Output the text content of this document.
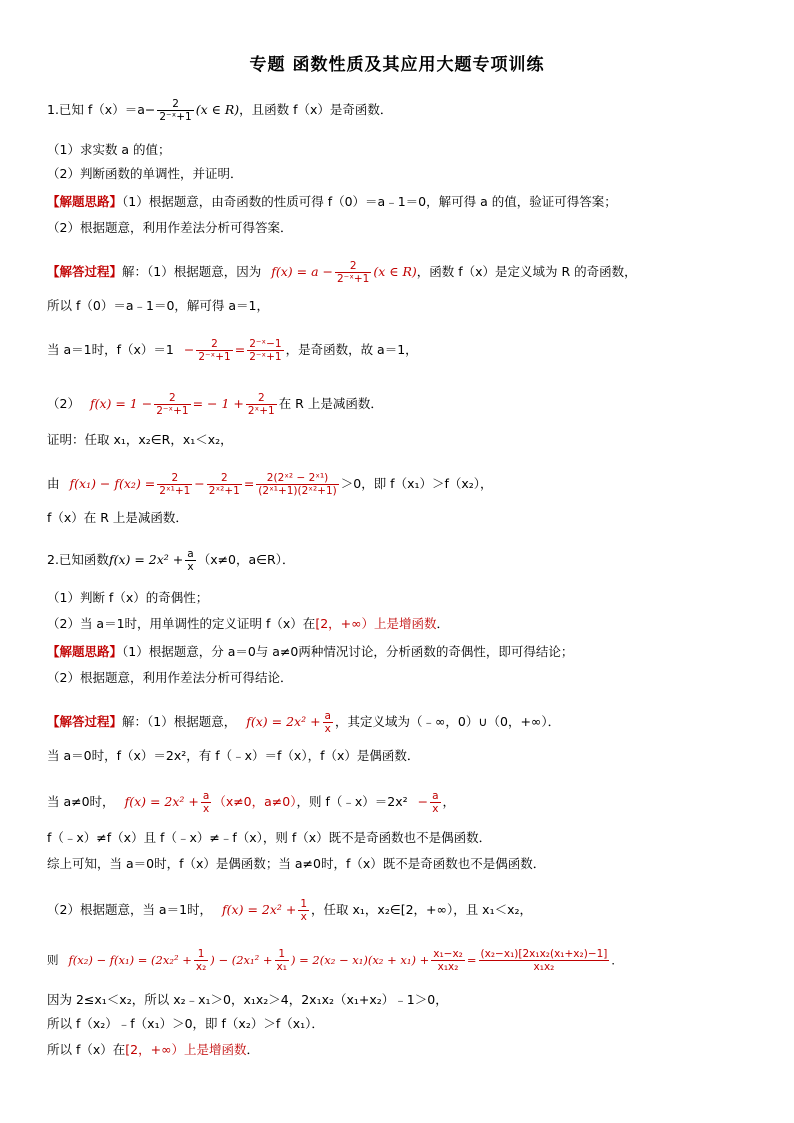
专题 函数性质及其应用大题专项训练
1.已知 $f(x)=a- \frac{2}{\text{2⁻ˣ+1}} (x$ ∈ R)，且函数 f（x）是奇函数．
（1）求实数 a 的值；
（2）判断函数的单调性，并证明．
【解题思路】（1）根据题意，由奇函数的性质可得 f（0）＝a﹣1＝0，解可得 a 的值，验证可得答案；
（2）根据题意，利用作差法分析可得答案．
【解答过程】解：（1）根据题意，因为 $f(x) = a - \frac{2}{\text{2⁻ˣ+1}} (x$ ∈ R)，函数 f（x）是定义域为 R 的奇函数，
所以 f（0）＝a﹣1＝0，解可得 a＝1，
当 a＝1时，$f(x)=1 - \frac{2}{\text{2⁻ˣ+1}} = \frac{\text{2⁻ˣ−1}}{\text{2⁻ˣ+1}}$ ，是奇函数，故 a＝1，
（2） $f(x) = 1 - \frac{2}{\text{2⁻ˣ+1}}$ = − $1 + \frac{2}{\text{2ˣ+1}}$ 在 R 上是减函数．
证明：任取 x₁，x₂∈R，x₁＜x₂，
由 $f(x_1) - f(x_2) = \frac{2}{\text{2ˣ¹+1}} - \frac{2}{\text{2ˣ²+1}} = \frac{\text{2(2ˣ² − 2ˣ¹)}}{\text{(2ˣ¹+1)(2ˣ²+1)}} >0$，即 f（x₁）＞f（x₂），
f（x）在 R 上是减函数．
2.已知函数$f(x) = 2x^2 + \frac{a}{x} (x\ne 0$，a∈R）．
（1）判断 f（x）的奇偶性；
（2）当 a＝1时，用单调性的定义证明 f（x）在[2，+∞）上是增函数．
【解题思路】（1）根据题意，分 a＝0与 a≠0两种情况讨论，分析函数的奇偶性，即可得结论；
（2）根据题意，利用作差法分析可得结论．
【解答过程】解：（1）根据题意， $f(x) = 2x^2 + \frac{a}{x}$ ，其定义域为（﹣∞，0）∪（0，+∞）．
当 a＝0时，f（x）＝2x²，有 f（﹣x）＝f（x），f（x）是偶函数．
当 a≠0时， $f(x) = 2x^2 + \frac{a}{x} (x\ne 0$，a≠0），则 f（﹣x）＝2x² − $\frac{a}{x}$ ，
f（﹣x）≠f（x）且 f（﹣x）≠﹣f（x），则 f（x）既不是奇函数也不是偶函数．
综上可知，当 a＝0时，f（x）是偶函数；当 a≠0时，f（x）既不是奇函数也不是偶函数．
（2）根据题意，当 a＝1时， $f(x) = 2x^2 + \frac{1}{x}$ ，任取 x₁，x₂∈[2，+∞），且 x₁＜x₂，
则 $f(x_2) - f(x_1) = (2x_2^2 + \frac{1}{\text{x₂}}$ ) − ($2x_1^2 + \frac{1}{\text{x₁}}$ ) = $2(x_2 - x_1)(x_2 + x_1) + \frac{\text{x₁−x₂}}{\text{x₁x₂}} = \frac{\text{(x₂−x₁)[2x₁x₂(x₁+x₂)−1]}}{\text{x₁x₂}}$ ．
因为 2≤x₁＜x₂，所以 x₂﹣x₁＞0，x₁x₂＞4，2x₁x₂（x₁+x₂）﹣1＞0，
所以 f（x₂）﹣f（x₁）＞0，即 f（x₂）＞f（x₁）．
所以 f（x）在[2，+∞）上是增函数．
